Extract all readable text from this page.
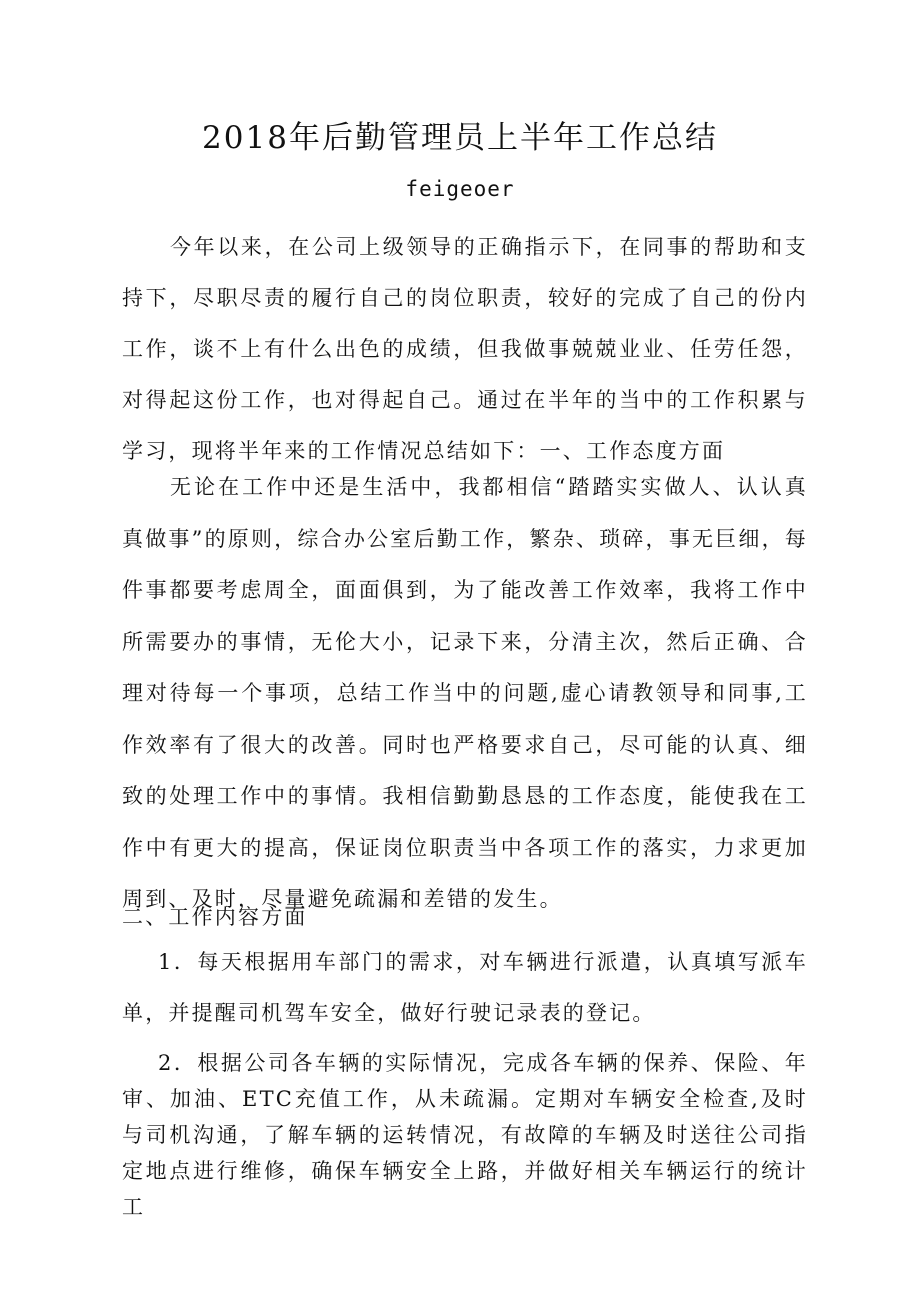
2018年后勤管理员上半年工作总结
feigeoer

今年以来，在公司上级领导的正确指示下，在同事的帮助和支持下，尽职尽责的履行自己的岗位职责，较好的完成了自己的份内工作，谈不上有什么出色的成绩，但我做事兢兢业业、任劳任怨，对得起这份工作，也对得起自己。通过在半年的当中的工作积累与学习，现将半年来的工作情况总结如下：一、工作态度方面

无论在工作中还是生活中，我都相信“踏踏实实做人、认认真真做事”的原则，综合办公室后勤工作，繁杂、琐碎，事无巨细，每件事都要考虑周全，面面俱到，为了能改善工作效率，我将工作中所需要办的事情，无伦大小，记录下来，分清主次，然后正确、合理对待每一个事项，总结工作当中的问题,虚心请教领导和同事,工作效率有了很大的改善。同时也严格要求自己，尽可能的认真、细致的处理工作中的事情。我相信勤勤恳恳的工作态度，能使我在工作中有更大的提高，保证岗位职责当中各项工作的落实，力求更加周到、及时，尽量避免疏漏和差错的发生。

二、工作内容方面

1．每天根据用车部门的需求，对车辆进行派遣，认真填写派车单，并提醒司机驾车安全，做好行驶记录表的登记。

2．根据公司各车辆的实际情况，完成各车辆的保养、保险、年审、加油、ETC充值工作，从未疏漏。定期对车辆安全检查,及时与司机沟通，了解车辆的运转情况，有故障的车辆及时送往公司指定地点进行维修，确保车辆安全上路，并做好相关车辆运行的统计工
